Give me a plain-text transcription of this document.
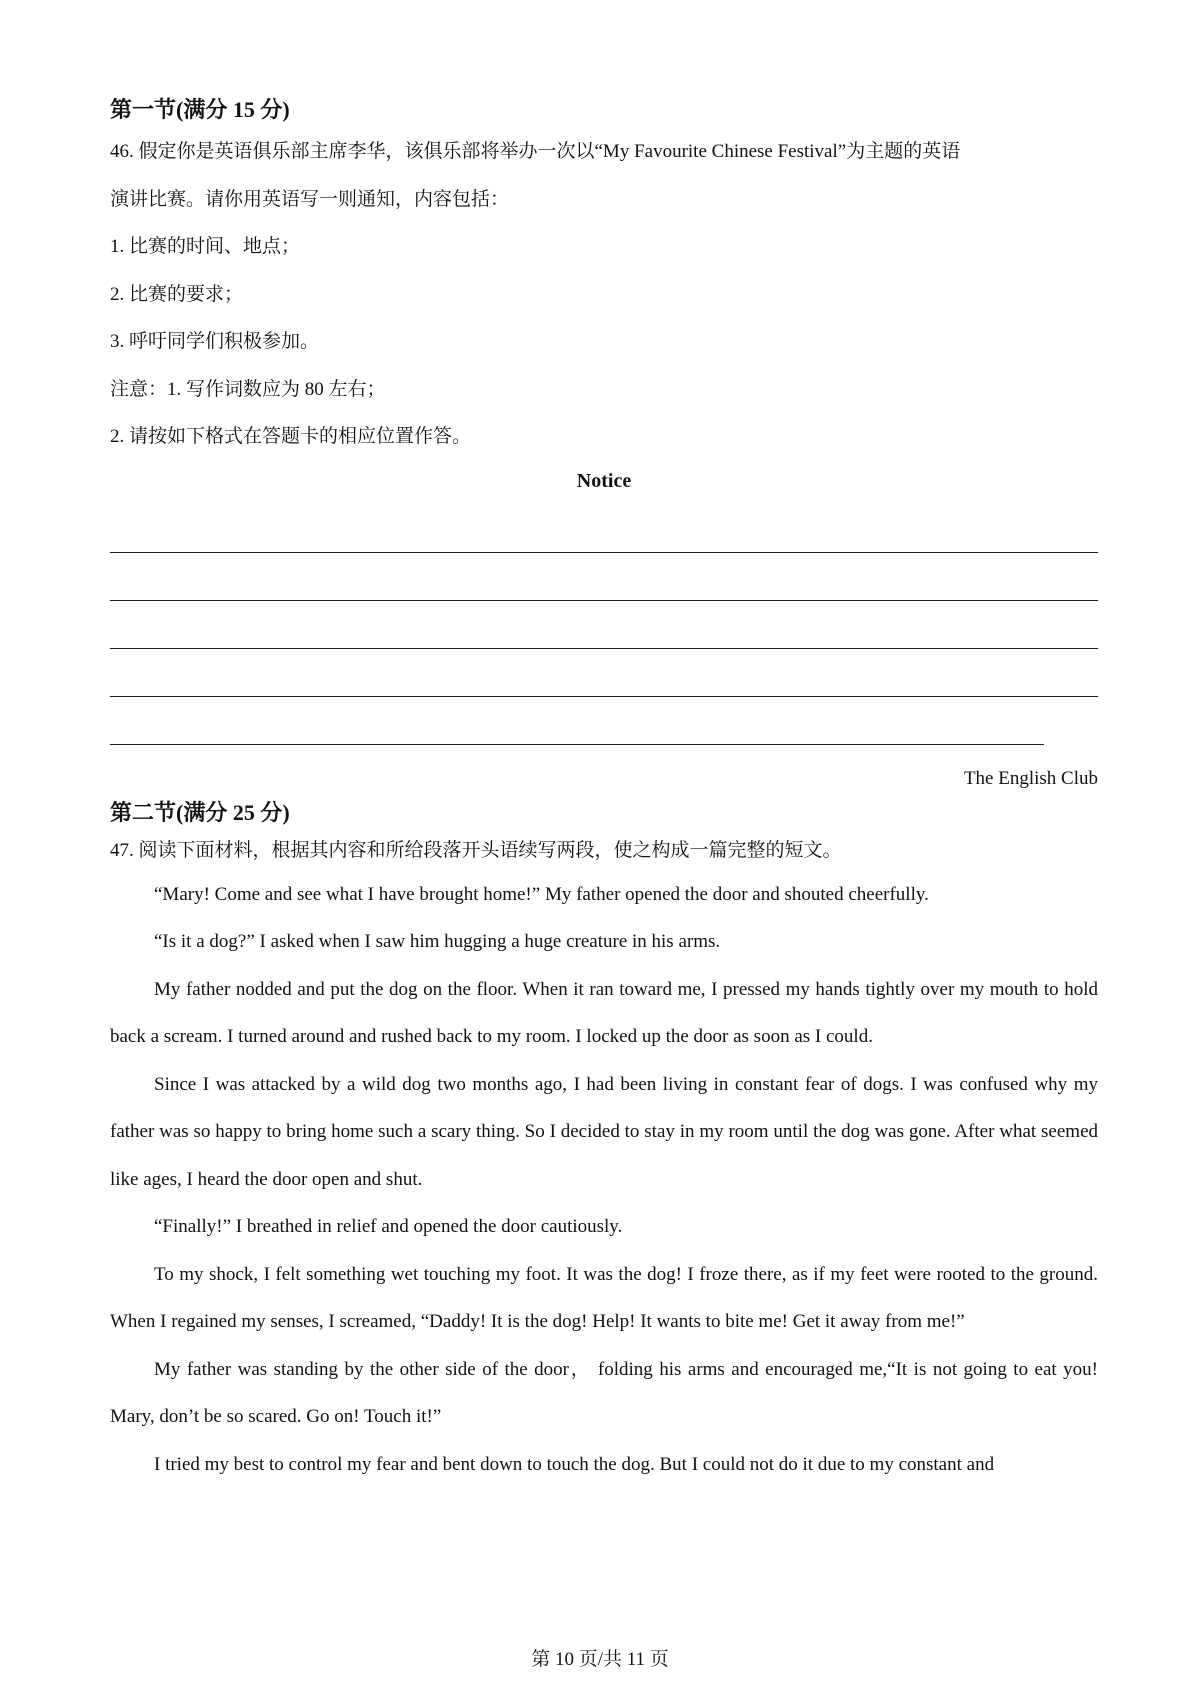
第一节(满分 15 分)
46. 假定你是英语俱乐部主席李华，该俱乐部将举办一次以“My Favourite Chinese Festival”为主题的英语
演讲比赛。请你用英语写一则通知，内容包括：
1. 比赛的时间、地点；
2. 比赛的要求；
3. 呼吁同学们积极参加。
注意：1. 写作词数应为 80 左右；
2. 请按如下格式在答题卡的相应位置作答。
Notice
The English Club
第二节(满分 25 分)
47. 阅读下面材料，根据其内容和所给段落开头语续写两段，使之构成一篇完整的短文。

“Mary! Come and see what I have brought home!” My father opened the door and shouted cheerfully.

“Is it a dog?” I asked when I saw him hugging a huge creature in his arms.

My father nodded and put the dog on the floor. When it ran toward me, I pressed my hands tightly over my mouth to hold back a scream. I turned around and rushed back to my room. I locked up the door as soon as I could.

Since I was attacked by a wild dog two months ago, I had been living in constant fear of dogs. I was confused why my father was so happy to bring home such a scary thing. So I decided to stay in my room until the dog was gone. After what seemed like ages, I heard the door open and shut.

“Finally!” I breathed in relief and opened the door cautiously.

To my shock, I felt something wet touching my foot. It was the dog! I froze there, as if my feet were rooted to the ground. When I regained my senses, I screamed, “Daddy! It is the dog! Help! It wants to bite me! Get it away from me!”

My father was standing by the other side of the door， folding his arms and encouraged me,“It is not going to eat you! Mary, don’t be so scared. Go on! Touch it!”

I tried my best to control my fear and bent down to touch the dog. But I could not do it due to my constant and

第 10 页/共 11 页
